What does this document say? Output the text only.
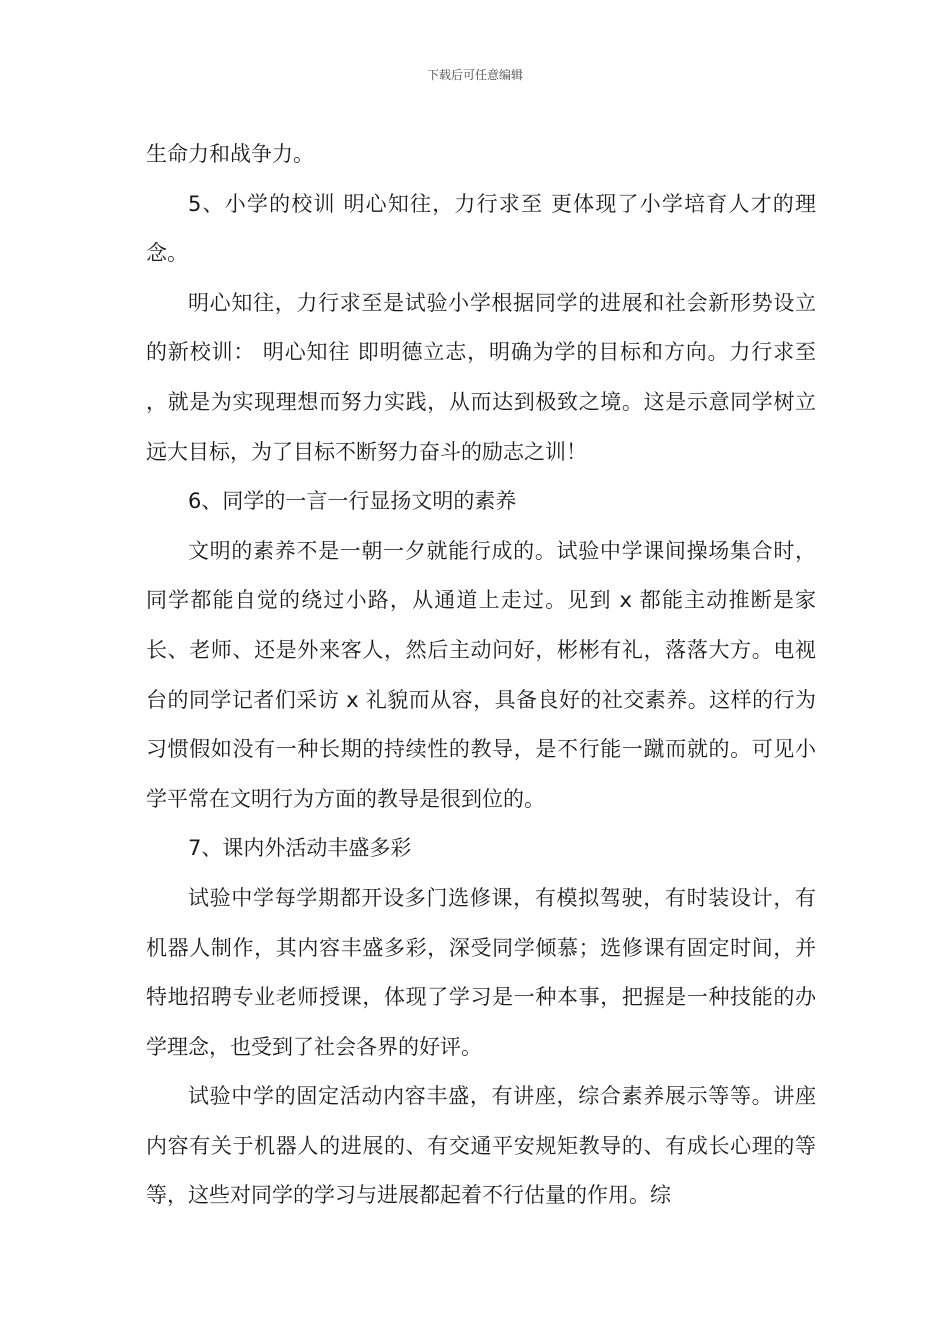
下载后可任意编辑

生命力和战争力。

5、小学的校训 明心知往，力行求至 更体现了小学培育人才的理念。

明心知往，力行求至是试验小学根据同学的进展和社会新形势设立的新校训： 明心知往 即明德立志，明确为学的目标和方向。力行求至 ，就是为实现理想而努力实践，从而达到极致之境。这是示意同学树立远大目标，为了目标不断努力奋斗的励志之训！

6、同学的一言一行显扬文明的素养

文明的素养不是一朝一夕就能行成的。试验中学课间操场集合时，同学都能自觉的绕过小路，从通道上走过。见到 x 都能主动推断是家长、老师、还是外来客人，然后主动问好，彬彬有礼，落落大方。电视台的同学记者们采访 x 礼貌而从容，具备良好的社交素养。这样的行为习惯假如没有一种长期的持续性的教导，是不行能一蹴而就的。可见小学平常在文明行为方面的教导是很到位的。

7、课内外活动丰盛多彩

试验中学每学期都开设多门选修课，有模拟驾驶，有时装设计，有机器人制作，其内容丰盛多彩，深受同学倾慕；选修课有固定时间，并特地招聘专业老师授课，体现了学习是一种本事，把握是一种技能的办学理念，也受到了社会各界的好评。

试验中学的固定活动内容丰盛，有讲座，综合素养展示等等。讲座内容有关于机器人的进展的、有交通平安规矩教导的、有成长心理的等等，这些对同学的学习与进展都起着不行估量的作用。综
